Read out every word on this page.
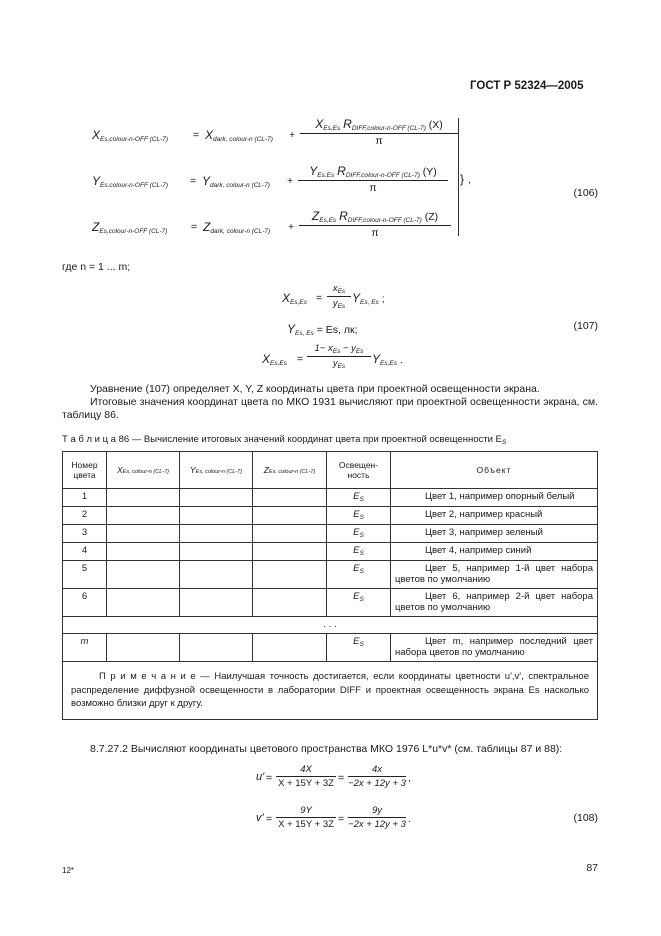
ГОСТ Р 52324—2005
$X_{Es,colour-n-OFF (CL-7)} = X_{dark, colour-n (CL-7)}$ +
$X_{Es,Es}$ $R_{DIFF,colour-n-OFF (CL-7)}$ (X)
π
$Y_{Es.colour-n-OFF (CL-7)} = Y_{dark, colour-n (CL-7)}$ +
$Y_{Es.Es}$ $R_{DIFF,colour-n-OFF (CL-7)}$ (Y)
π
$Z_{Es,colour-n-OFF (CL-7)} = Z_{dark, colour-n (CL-7)}$ +
$Z_{Es,Es}$ $R_{DIFF,colour-n-OFF (CL-7)}$ (Z)
π
} ,
(106)
где n = 1 ... m;
$X_{Es,Es}$ =
$x_{Es}$
$y_{Es}$
$Y_{Es, Es}$ ;
$Y_{Es, Es} = Es$, лк;	(107)
$X_{Es,Es}$ =
$1- x_{Es} - y_{Es}$
$y_{Es}$
$Y_{Es,Es}$ .

Уравнение (107) определяет X, Y, Z координаты цвета при проектной освещенности экрана.

Итоговые значения координат цвета по МКО 1931 вычисляют при проектной освещенности экрана, см. таблицу 86.

Т а б л и ц а 86 — Вычисление итоговых значений координат цвета при проектной освещенности $E_S$
Номер цвета	XEs, colour-n (CL-7)	YEs, colour-n (CL-7)	ZEs, colour-n (CL-7)	Освещен-ность	Объект
1				$E_S$	Цвет 1, например опорный белый
2				$E_S$	Цвет 2, например красный
3				$E_S$	Цвет 3, например зеленый
4				$E_S$	Цвет 4, например синий
5				$E_S$	Цвет 5, например 1-й цвет набора цветов по умолчанию
6				$E_S$	Цвет 6, например 2-й цвет набора цветов по умолчанию
. . .					
m				$E_S$	Цвет m, например последний цвет набора цветов по умолчанию
П р и м е ч а н и е — Наилучшая точность достигается, если координаты цветности u',v', спектральное распределение диффузной освещенности в лаборатории DIFF и проектная освещенность экрана Es насколько возможно близки друг к другу.					
8.7.27.2 Вычисляют координаты цветового пространства МКО 1976 L*u*v* (см. таблицы 87 и 88):
$u' = \frac{4X}{X + 15Y + 3Z} = \frac{4x}{-2x + 12y + 3}$ ,
$v' = \frac{9Y}{X + 15Y + 3Z} = \frac{9y}{-2x + 12y + 3}$ .	(108)
12*	87
